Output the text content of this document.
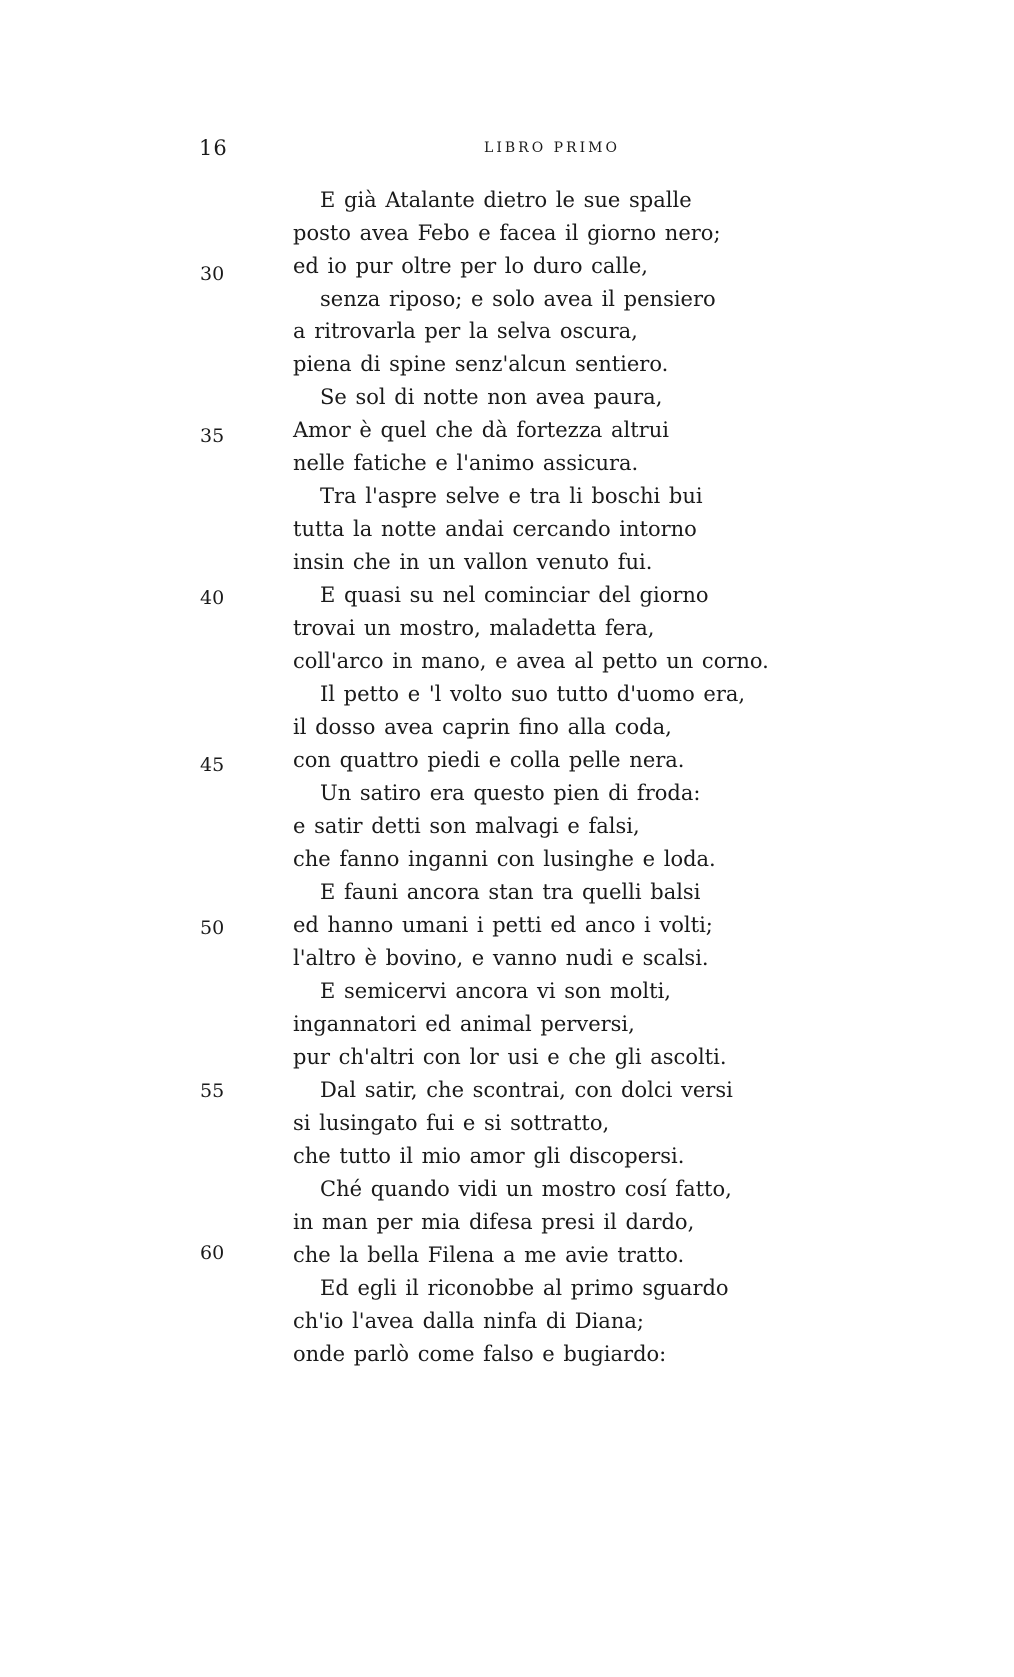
16	LIBRO PRIMO
30
35
40
45
50
55
60
E già Atalante dietro le sue spalle
posto avea Febo e facea il giorno nero;
ed io pur oltre per lo duro calle,
senza riposo; e solo avea il pensiero
a ritrovarla per la selva oscura,
piena di spine senz'alcun sentiero.
Se sol di notte non avea paura,
Amor è quel che dà fortezza altrui
nelle fatiche e l'animo assicura.
Tra l'aspre selve e tra li boschi bui
tutta la notte andai cercando intorno
insin che in un vallon venuto fui.
E quasi su nel cominciar del giorno
trovai un mostro, maladetta fera,
coll'arco in mano, e avea al petto un corno.
Il petto e 'l volto suo tutto d'uomo era,
il dosso avea caprin fino alla coda,
con quattro piedi e colla pelle nera.
Un satiro era questo pien di froda:
e satir detti son malvagi e falsi,
che fanno inganni con lusinghe e loda.
E fauni ancora stan tra quelli balsi
ed hanno umani i petti ed anco i volti;
l'altro è bovino, e vanno nudi e scalsi.
E semicervi ancora vi son molti,
ingannatori ed animal perversi,
pur ch'altri con lor usi e che gli ascolti.
Dal satir, che scontrai, con dolci versi
si lusingato fui e si sottratto,
che tutto il mio amor gli discopersi.
Ché quando vidi un mostro cosí fatto,
in man per mia difesa presi il dardo,
che la bella Filena a me avie tratto.
Ed egli il riconobbe al primo sguardo
ch'io l'avea dalla ninfa di Diana;
onde parlò come falso e bugiardo:
